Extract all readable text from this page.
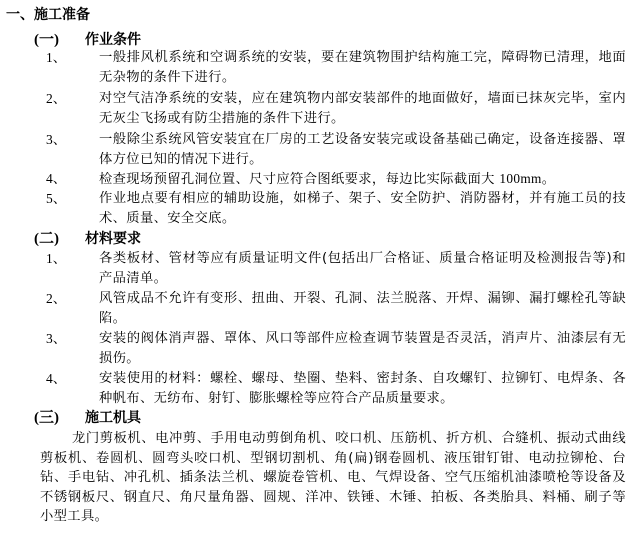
一、施工准备
(一) 作业条件
1、 一般排风机系统和空调系统的安装，要在建筑物围护结构施工完，障碍物已清理，地面无杂物的条件下进行。
2、 对空气洁净系统的安装，应在建筑物内部安装部件的地面做好，墙面已抹灰完毕，室内无灰尘飞扬或有防尘措施的条件下进行。
3、 一般除尘系统风管安装宜在厂房的工艺设备安装完或设备基础己确定，设备连接器、罩体方位已知的情况下进行。
4、 检查现场预留孔洞位置、尺寸应符合图纸要求，每边比实际截面大 100mm。
5、 作业地点要有相应的辅助设施，如梯子、架子、安全防护、消防器材，并有施工员的技术、质量、安全交底。
(二) 材料要求
1、 各类板材、管材等应有质量证明文件(包括出厂合格证、质量合格证明及检测报告等)和产品清单。
2、 风管成品不允许有变形、扭曲、开裂、孔洞、法兰脱落、开焊、漏铆、漏打螺栓孔等缺陷。
3、 安装的阀体消声器、罩体、风口等部件应检查调节装置是否灵活，消声片、油漆层有无损伤。
4、 安装使用的材料：螺栓、螺母、垫圈、垫料、密封条、自攻螺钉、拉铆钉、电焊条、各种帆布、无纺布、射钉、膨胀螺栓等应符合产品质量要求。
(三) 施工机具
龙门剪板机、电冲剪、手用电动剪倒角机、咬口机、压筋机、折方机、合缝机、振动式曲线剪板机、卷圆机、圆弯头咬口机、型钢切割机、角(扁)钢卷圆机、液压钳钉钳、电动拉铆枪、台钻、手电钻、冲孔机、插条法兰机、螺旋卷管机、电、气焊设备、空气压缩机油漆喷枪等设备及不锈钢板尺、钢直尺、角尺量角器、圆规、洋冲、铁锤、木锤、拍板、各类胎具、料桶、刷子等小型工具。
